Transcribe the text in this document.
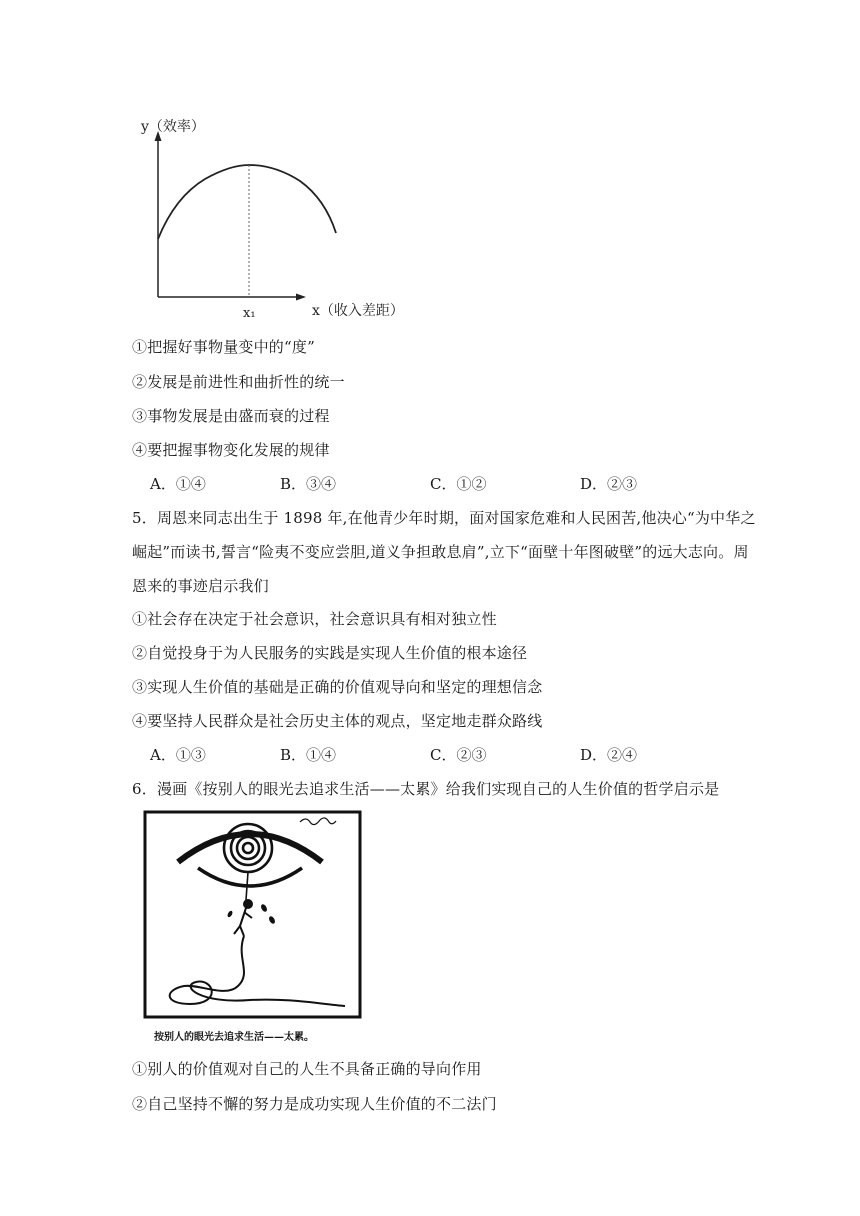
y（效率）
x₁	x（收入差距）
①把握好事物量变中的“度”
②发展是前进性和曲折性的统一
③事物发展是由盛而衰的过程
④要把握事物变化发展的规律
A．①④	B．③④	C．①②	D．②③
5．周恩来同志出生于 1898 年,在他青少年时期，面对国家危难和人民困苦,他决心“为中华之
崛起”而读书,誓言“险夷不变应尝胆,道义争担敢息肩”,立下“面壁十年图破壁”的远大志向。周
恩来的事迹启示我们
①社会存在决定于社会意识，社会意识具有相对独立性
②自觉投身于为人民服务的实践是实现人生价值的根本途径
③实现人生价值的基础是正确的价值观导向和坚定的理想信念
④要坚持人民群众是社会历史主体的观点，坚定地走群众路线
A．①③	B．①④	C．②③	D．②④
6．漫画《按别人的眼光去追求生活——太累》给我们实现自己的人生价值的哲学启示是
按别人的眼光去追求生活——太累。
①别人的价值观对自己的人生不具备正确的导向作用
②自己坚持不懈的努力是成功实现人生价值的不二法门
